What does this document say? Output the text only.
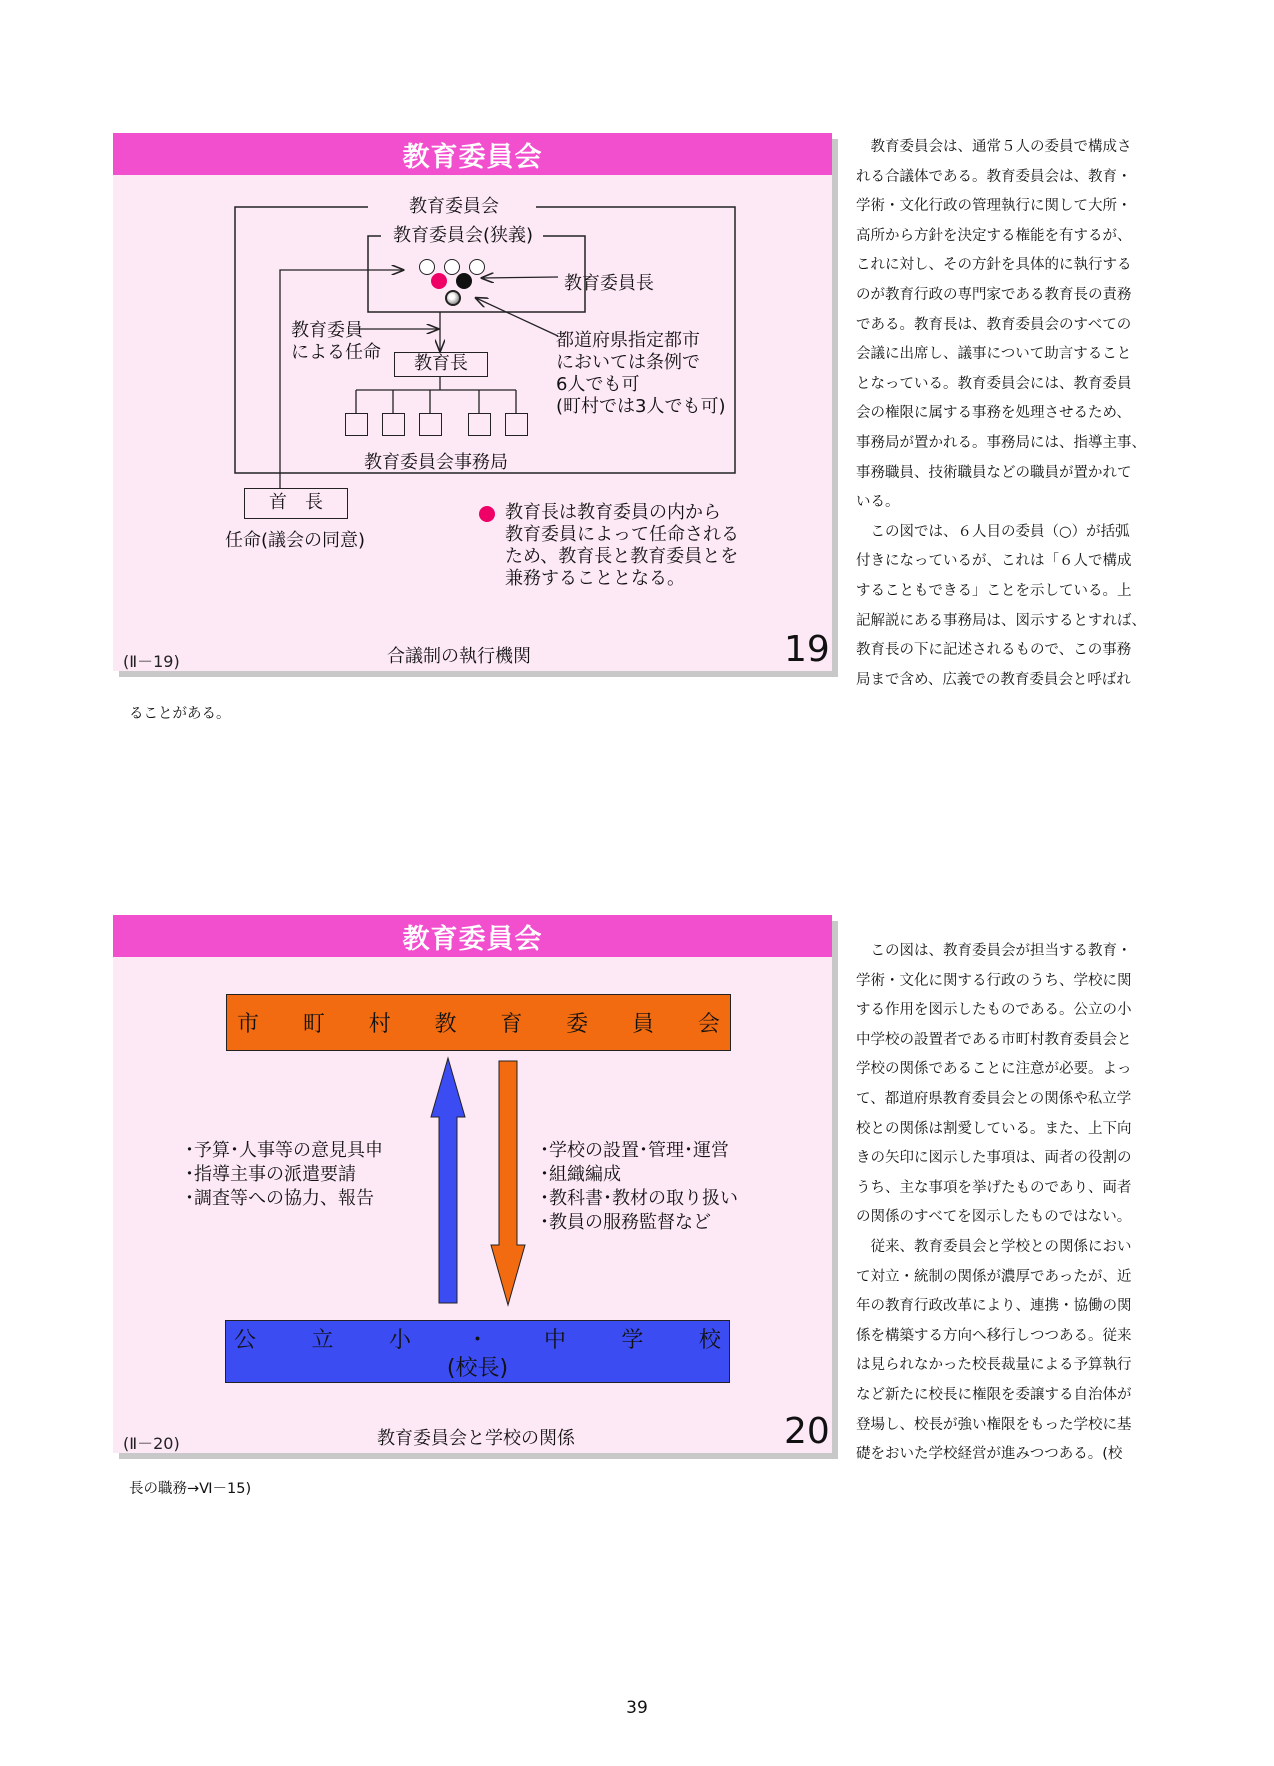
教育委員会
教育委員会
教育委員会(狭義)
教育委員長
教育委員
による任命
教育長
都道府県指定都市
においては条例で
6人でも可
(町村では3人でも可)
教育委員会事務局
首　長
任命(議会の同意)
教育長は教育委員の内から
教育委員によって任命される
ため、教育長と教育委員とを
兼務することとなる。
(Ⅱ－19)	合議制の執行機関	19
　教育委員会は、通常５人の委員で構成さ
れる合議体である。教育委員会は、教育・
学術・文化行政の管理執行に関して大所・
高所から方針を決定する権能を有するが、
これに対し、その方針を具体的に執行する
のが教育行政の専門家である教育長の責務
である。教育長は、教育委員会のすべての
会議に出席し、議事について助言すること
となっている。教育委員会には、教育委員
会の権限に属する事務を処理させるため、
事務局が置かれる。事務局には、指導主事、
事務職員、技術職員などの職員が置かれて
いる。
　この図では、６人目の委員（○）が括弧
付きになっているが、これは「６人で構成
することもできる」ことを示している。上
記解説にある事務局は、図示するとすれば、
教育長の下に記述されるもので、この事務
局まで含め、広義での教育委員会と呼ばれ
ることがある。
教育委員会
市 町 村 教 育 委 員 会
･予算･人事等の意見具申
･指導主事の派遣要請
･調査等への協力、報告
･学校の設置･管理･運営
･組織編成
･教科書･教材の取り扱い
･教員の服務監督など
公	立	小	・	中	学	校
(校長)
(Ⅱ－20)	教育委員会と学校の関係	20
　この図は、教育委員会が担当する教育・
学術・文化に関する行政のうち、学校に関
する作用を図示したものである。公立の小
中学校の設置者である市町村教育委員会と
学校の関係であることに注意が必要。よっ
て、都道府県教育委員会との関係や私立学
校との関係は割愛している。また、上下向
きの矢印に図示した事項は、両者の役割の
うち、主な事項を挙げたものであり、両者
の関係のすべてを図示したものではない。
　従来、教育委員会と学校との関係におい
て対立・統制の関係が濃厚であったが、近
年の教育行政改革により、連携・協働の関
係を構築する方向へ移行しつつある。従来
は見られなかった校長裁量による予算執行
など新たに校長に権限を委譲する自治体が
登場し、校長が強い権限をもった学校に基
礎をおいた学校経営が進みつつある。(校
長の職務→Ⅵ－15)
39
